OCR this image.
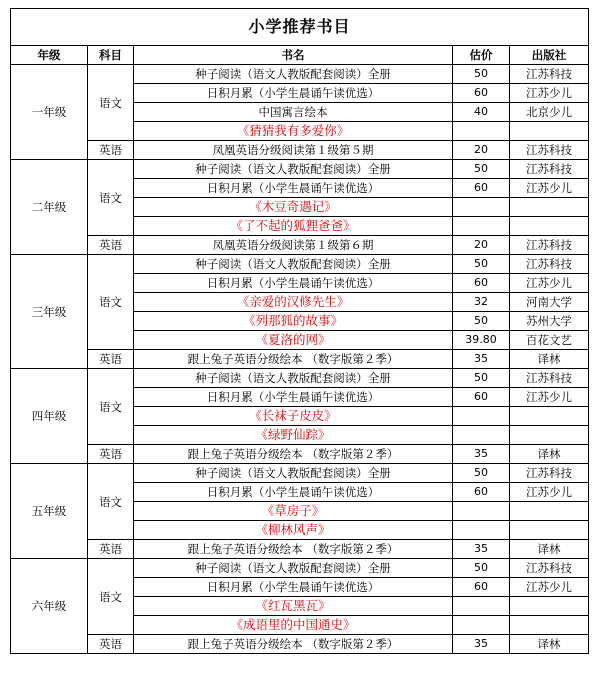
小学推荐书目				
年级	科目	书名	估价	出版社
一年级	语文	种子阅读（语文人教版配套阅读）全册	50	江苏科技
		日积月累（小学生晨诵午读优选）	60	江苏少儿
		中国寓言绘本	40	北京少儿
		《猜猜我有多爱你》		
	英语	凤凰英语分级阅读第１级第５期	20	江苏科技
二年级	语文	种子阅读（语文人教版配套阅读）全册	50	江苏科技
		日积月累（小学生晨诵午读优选）	60	江苏少儿
		《木豆奇遇记》		
		《了不起的狐狸爸爸》		
	英语	凤凰英语分级阅读第１级第６期	20	江苏科技
三年级	语文	种子阅读（语文人教版配套阅读）全册	50	江苏科技
		日积月累（小学生晨诵午读优选）	60	江苏少儿
		《亲爱的汉修先生》	32	河南大学
		《列那狐的故事》	50	苏州大学
		《夏洛的网》	39.80	百花文艺
	英语	跟上兔子英语分级绘本 （数字版第２季）	35	译林
四年级	语文	种子阅读（语文人教版配套阅读）全册	50	江苏科技
		日积月累（小学生晨诵午读优选）	60	江苏少儿
		《长袜子皮皮》		
		《绿野仙踪》		
	英语	跟上兔子英语分级绘本 （数字版第２季）	35	译林
五年级	语文	种子阅读（语文人教版配套阅读）全册	50	江苏科技
		日积月累（小学生晨诵午读优选）	60	江苏少儿
		《草房子》		
		《柳林风声》		
	英语	跟上兔子英语分级绘本 （数字版第２季）	35	译林
六年级	语文	种子阅读（语文人教版配套阅读）全册	50	江苏科技
		日积月累（小学生晨诵午读优选）	60	江苏少儿
		《红瓦黑瓦》		
		《成语里的中国通史》		
	英语	跟上兔子英语分级绘本 （数字版第２季）	35	译林
